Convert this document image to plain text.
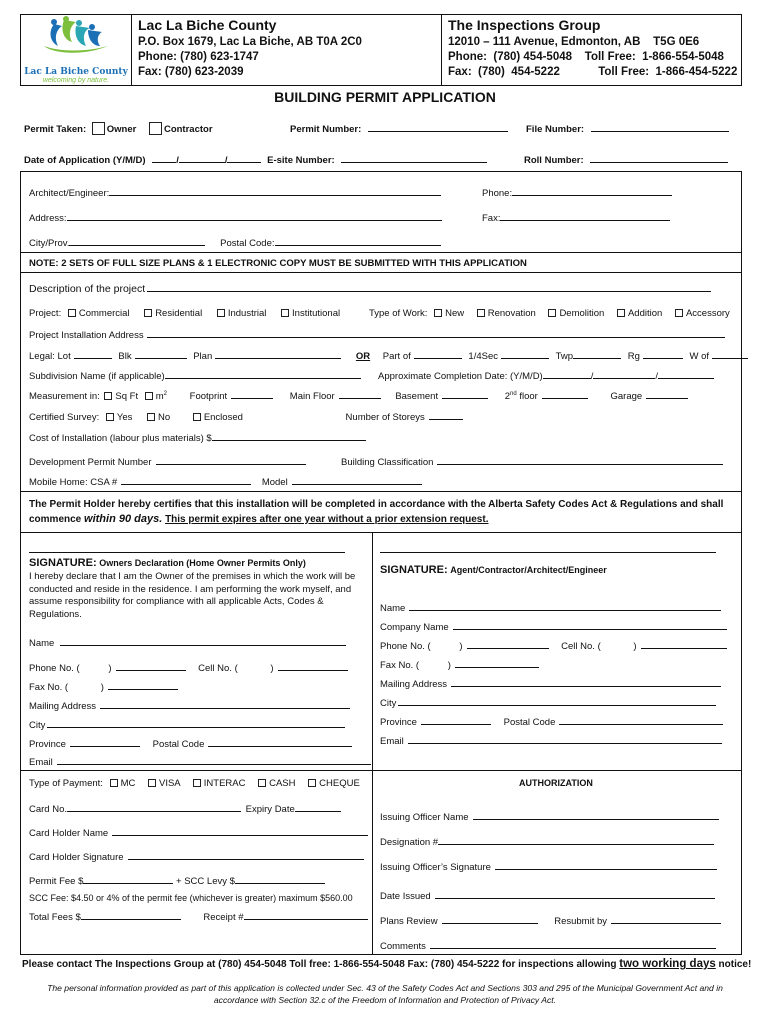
Lac La Biche County
welcoming by nature.
Lac La Biche County
P.O. Box 1679, Lac La Biche, AB T0A 2C0
Phone: (780) 623-1747
Fax: (780) 623-2039
The Inspections Group
12010 – 111 Avenue, Edmonton, AB    T5G 0E6
Phone:  (780) 454-5048    Toll Free:  1-866-554-5048
Fax:  (780)  454-5222            Toll Free:  1-866-454-5222
BUILDING PERMIT APPLICATION
Permit Taken: Owner	Contractor	Permit Number:	File Number:
Date of Application (Y/M/D)	/	/	E-site Number:	Roll Number:
Architect/Engineer:	Phone:
Address:	Fax:
City/Prov.	Postal Code:
NOTE: 2 SETS OF FULL SIZE PLANS & 1 ELECTRONIC COPY MUST BE SUBMITTED WITH THIS APPLICATION
Description of the project
Project: Commercial	Residential	Industrial	Institutional	Type of Work: New Renovation Demolition Addition Accessory
Project Installation Address
Legal: Lot	Blk	Plan	OR Part of	1/4Sec	Twp	Rg	W of
Subdivision Name (if applicable)	Approximate Completion Date: (Y/M/D)	/	/
Measurement in: Sq Ft $m^2$ Footprint	Main Floor	Basement	2nd floor	Garage
Certified Survey: Yes	No	Enclosed	Number of Storeys
Cost of Installation (labour plus materials) $
Development Permit Number	Building Classification
Mobile Home: CSA #	Model
The Permit Holder hereby certifies that this installation will be completed in accordance with the Alberta Safety Codes Act & Regulations and shall
commence within 90 days. This permit expires after one year without a prior extension request.
SIGNATURE: Owners Declaration (Home Owner Permits Only)
I hereby declare that I am the Owner of the premises in which the work will be
conducted and reside in the residence. I am performing the work myself, and
assume responsibility for compliance with all applicable Acts, Codes &
Regulations.
Name
Phone No. (	)	Cell No. (	)
Fax No. (	)
Mailing Address
City
Province	Postal Code
Email
SIGNATURE: Agent/Contractor/Architect/Engineer
Name
Company Name
Phone No. (	)	Cell No. (	)
Fax No. (	)
Mailing Address
City
Province	Postal Code
Email
Type of Payment: MC VISA INTERAC CASH CHEQUE
Card No.	Expiry Date
Card Holder Name
Card Holder Signature
Permit Fee $	+ SCC Levy $
SCC Fee: $4.50 or 4% of the permit fee (whichever is greater) maximum $560.00
Total Fees $	Receipt #
AUTHORIZATION
Issuing Officer Name
Designation #
Issuing Officer’s Signature
Date Issued
Plans Review	Resubmit by
Comments
Please contact The Inspections Group at (780) 454-5048 Toll free: 1-866-554-5048 Fax: (780) 454-5222 for inspections allowing two working days notice!
The personal information provided as part of this application is collected under Sec. 43 of the Safety Codes Act and Sections 303 and 295 of the Municipal Government Act and in
accordance with Section 32.c of the Freedom of Information and Protection of Privacy Act.
